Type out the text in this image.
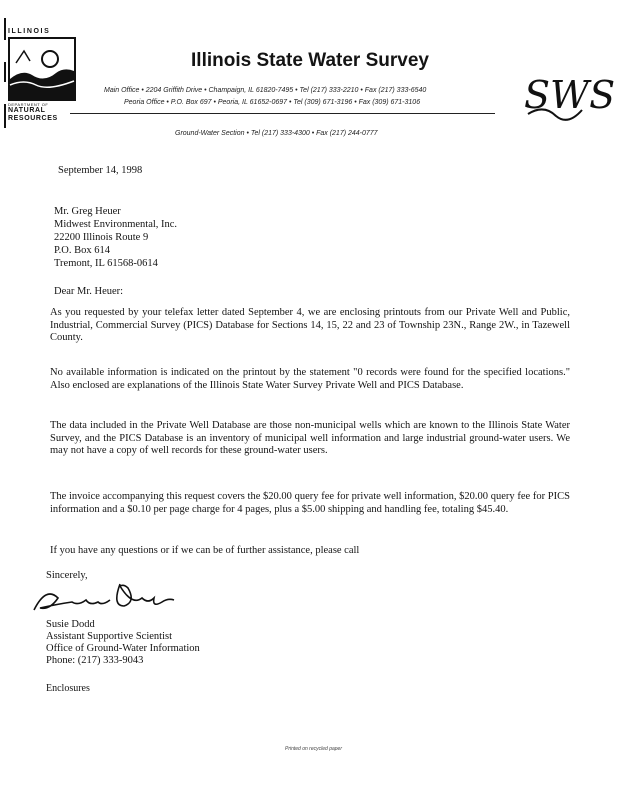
ILLINOIS
DEPARTMENT OF
NATURAL
RESOURCES
Illinois State Water Survey
Main Office • 2204 Griffith Drive • Champaign, IL 61820-7495 • Tel (217) 333-2210 • Fax (217) 333-6540
Peoria Office • P.O. Box 697 • Peoria, IL 61652-0697 • Tel (309) 671-3196 • Fax (309) 671-3106
Ground-Water Section • Tel (217) 333-4300 • Fax (217) 244-0777
SWS
September 14, 1998
Mr. Greg Heuer
Midwest Environmental, Inc.
22200 Illinois Route 9
P.O. Box 614
Tremont, IL 61568-0614
Dear Mr. Heuer:
As you requested by your telefax letter dated September 4, we are enclosing printouts from our Private Well and Public, Industrial, Commercial Survey (PICS) Database for Sections 14, 15, 22 and 23 of Township 23N., Range 2W., in Tazewell County.
No available information is indicated on the printout by the statement "0 records were found for the specified locations." Also enclosed are explanations of the Illinois State Water Survey Private Well and PICS Database.
The data included in the Private Well Database are those non-municipal wells which are known to the Illinois State Water Survey, and the PICS Database is an inventory of municipal well information and large industrial ground-water users. We may not have a copy of well records for these ground-water users.
The invoice accompanying this request covers the $20.00 query fee for private well information, $20.00 query fee for PICS information and a $0.10 per page charge for 4 pages, plus a $5.00 shipping and handling fee, totaling $45.40.
If you have any questions or if we can be of further assistance, please call
Sincerely,
Susie Dodd
Assistant Supportive Scientist
Office of Ground-Water Information
Phone: (217) 333-9043
Enclosures
Printed on recycled paper
